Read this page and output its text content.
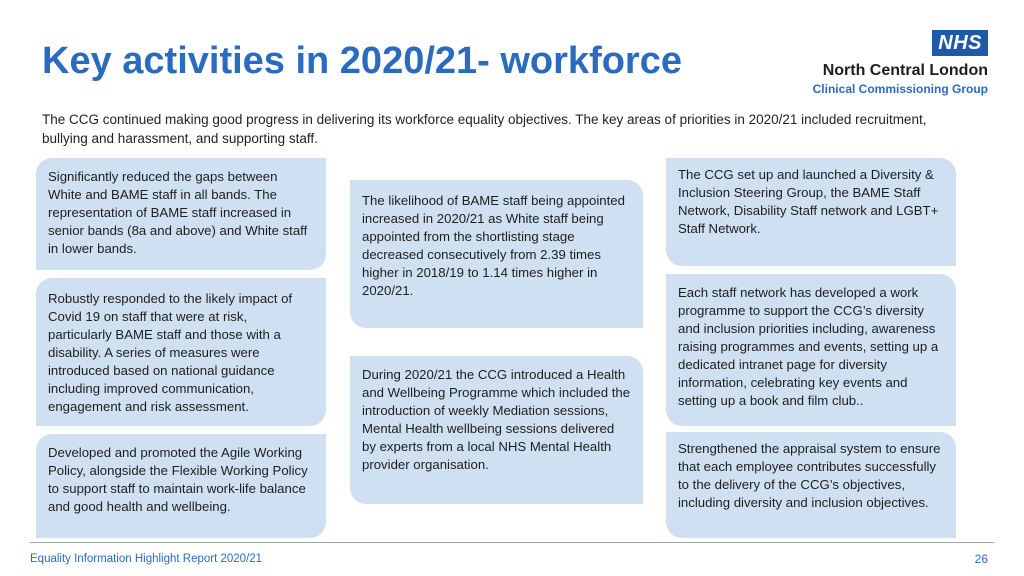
Key activities in 2020/21- workforce	NHS
North Central London
Clinical Commissioning Group
The CCG continued making good progress in delivering its workforce equality objectives. The key areas of priorities in 2020/21 included recruitment, bullying and harassment, and supporting staff.
Significantly reduced the gaps between White and BAME staff in all bands. The representation of BAME staff increased in senior bands (8a and above) and White staff in lower bands.
Robustly responded to the likely impact of Covid 19 on staff that were at risk, particularly BAME staff and those with a disability. A series of measures were introduced based on national guidance including improved communication, engagement and risk assessment.
Developed and promoted the Agile Working Policy, alongside the Flexible Working Policy to support staff to maintain work-life balance and good health and wellbeing.
The likelihood of BAME staff being appointed increased in 2020/21 as White staff being appointed from the shortlisting stage decreased consecutively from 2.39 times higher in 2018/19 to 1.14 times higher in 2020/21.
During 2020/21 the CCG introduced a Health and Wellbeing Programme which included the introduction of weekly Mediation sessions, Mental Health wellbeing sessions delivered by experts from a local NHS Mental Health provider organisation.
The CCG set up and launched a Diversity & Inclusion Steering Group, the BAME Staff Network, Disability Staff network and LGBT+ Staff Network.
Each staff network has developed a work programme to support the CCG’s diversity and inclusion priorities including, awareness raising programmes and events, setting up a dedicated intranet page for diversity information, celebrating key events and setting up a book and film club..
Strengthened the appraisal system to ensure that each employee contributes successfully to the delivery of the CCG’s objectives, including diversity and inclusion objectives.
Equality Information Highlight Report 2020/21	26
